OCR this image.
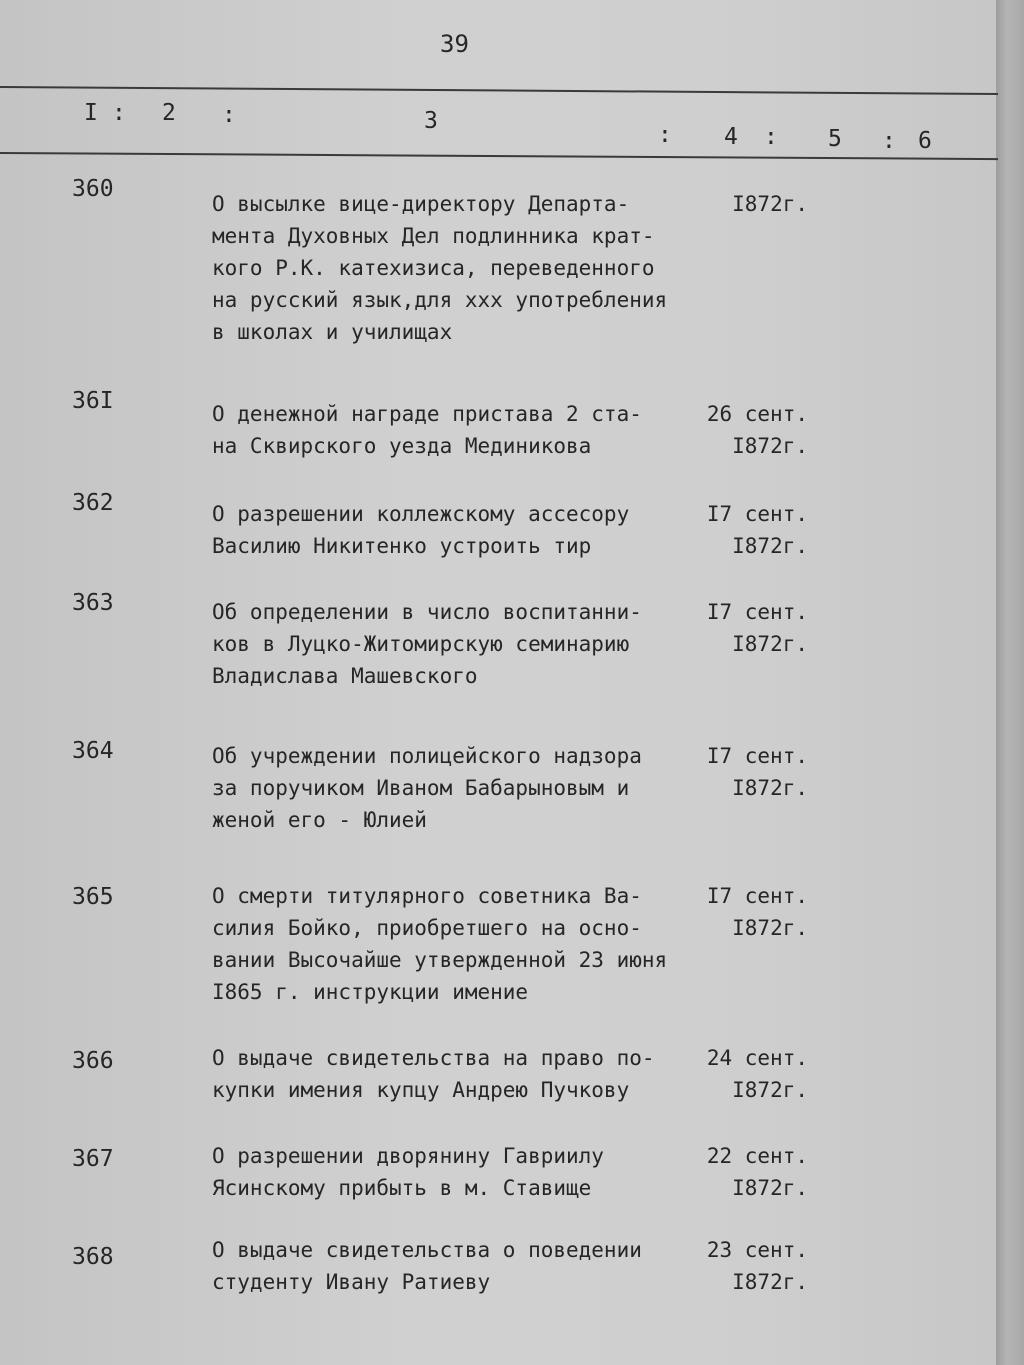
39
I : 2 :	3
: 4 : 5 : 6
360
О высылке вице-директору Департа-
мента Духовных Дел подлинника крат-
кого Р.К. катехизиса, переведенного
на русский язык,для xxx употребления
в школах и училищах
I872г.
36I	О денежной награде пристава 2 ста-
на Сквирского уезда Мединикова
26 сент.
I872г.
362	О разрешении коллежскому ассесору
Василию Никитенко устроить тир
I7 сент.
I872г.
363	Об определении в число воспитанни-
ков в Луцко-Житомирскую семинарию
Владислава Машевского
I7 сент.
I872г.
364	Об учреждении полицейского надзора
за поручиком Иваном Бабарыновым и
женой его - Юлией
I7 сент.
I872г.
365	О смерти титулярного советника Ва-
силия Бойко, приобретшего на осно-
вании Высочайше утвержденной 23 июня
I865 г. инструкции имение
I7 сент.
I872г.
366	О выдаче свидетельства на право по-
купки имения купцу Андрею Пучкову
24 сент.
I872г.
367	О разрешении дворянину Гавриилу
Ясинскому прибыть в м. Ставище
22 сент.
I872г.
368	О выдаче свидетельства о поведении
студенту Ивану Ратиеву
23 сент.
I872г.
